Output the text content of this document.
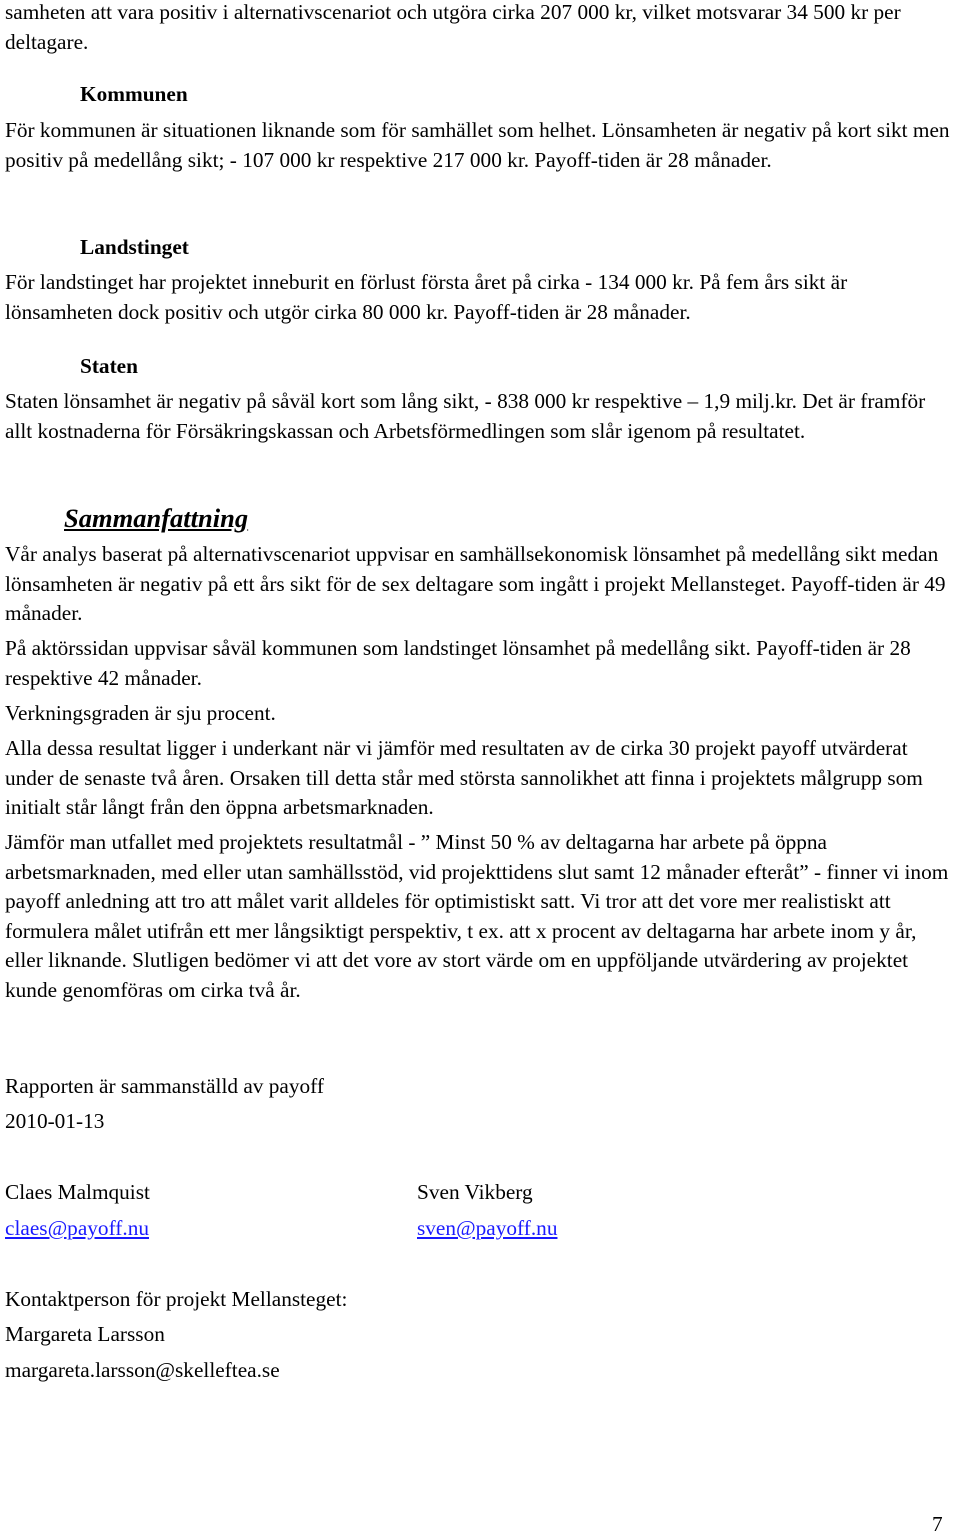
samheten att vara positiv i alternativscenariot och utgöra cirka 207 000 kr, vilket motsvarar 34 500 kr per deltagare.

Kommunen

För kommunen är situationen liknande som för samhället som helhet. Lönsamheten är negativ på kort sikt men positiv på medellång sikt; - 107 000 kr respektive 217 000 kr. Payoff-tiden är 28 månader.

Landstinget

För landstinget har projektet inneburit en förlust första året på cirka - 134 000 kr. På fem års sikt är lönsamheten dock positiv och utgör cirka 80 000 kr. Payoff-tiden är 28 månader.

Staten

Staten lönsamhet är negativ på såväl kort som lång sikt, - 838 000 kr respektive – 1,9 milj.kr. Det är framför allt kostnaderna för Försäkringskassan och Arbetsförmedlingen som slår igenom på resultatet.

Sammanfattning

Vår analys baserat på alternativscenariot uppvisar en samhällsekonomisk lönsamhet på medellång sikt medan lönsamheten är negativ på ett års sikt för de sex deltagare som ingått i projekt Mellansteget. Payoff-tiden är 49 månader.

På aktörssidan uppvisar såväl kommunen som landstinget lönsamhet på medellång sikt. Payoff-tiden är 28 respektive 42 månader.

Verkningsgraden är sju procent.

Alla dessa resultat ligger i underkant när vi jämför med resultaten av de cirka 30 projekt payoff utvärderat under de senaste två åren. Orsaken till detta står med största sannolikhet att finna i projektets målgrupp som initialt står långt från den öppna arbetsmarknaden.

Jämför man utfallet med projektets resultatmål - ” Minst 50 % av deltagarna har arbete på öppna arbetsmarknaden, med eller utan samhällsstöd, vid projekttidens slut samt 12 månader efteråt” - finner vi inom payoff anledning att tro att målet varit alldeles för optimistiskt satt. Vi tror att det vore mer realistiskt att formulera målet utifrån ett mer långsiktigt perspektiv, t ex. att x procent av deltagarna har arbete inom y år, eller liknande. Slutligen bedömer vi att det vore av stort värde om en uppföljande utvärdering av projektet kunde genomföras om cirka två år.

Rapporten är sammanställd av payoff

2010-01-13

Claes Malmquist

claes@payoff.nu

Sven Vikberg

sven@payoff.nu

Kontaktperson för projekt Mellansteget:

Margareta Larsson

margareta.larsson@skelleftea.se

7
